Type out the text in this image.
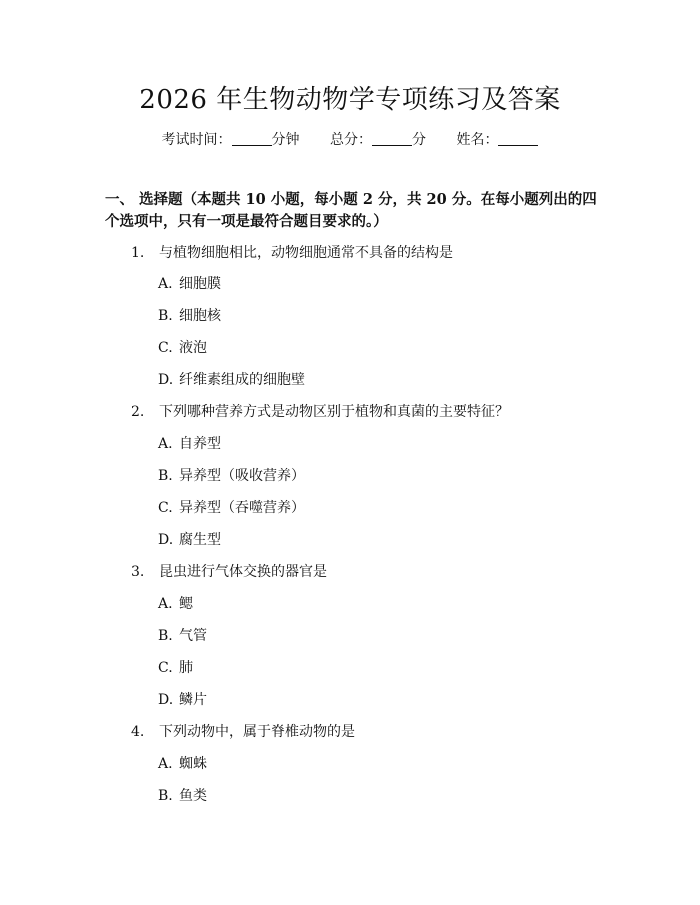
2026 年生物动物学专项练习及答案
考试时间：	分钟 总分：	分 姓名：
一、 选择题（本题共 10 小题，每小题 2 分，共 20 分。在每小题列出的四个选项中，只有一项是最符合题目要求的。）
1. 与植物细胞相比，动物细胞通常不具备的结构是
A. 细胞膜
B. 细胞核
C. 液泡
D. 纤维素组成的细胞壁
2. 下列哪种营养方式是动物区别于植物和真菌的主要特征？
A. 自养型
B. 异养型（吸收营养）
C. 异养型（吞噬营养）
D. 腐生型
3. 昆虫进行气体交换的器官是
A. 鳃
B. 气管
C. 肺
D. 鳞片
4. 下列动物中，属于脊椎动物的是
A. 蜘蛛
B. 鱼类
